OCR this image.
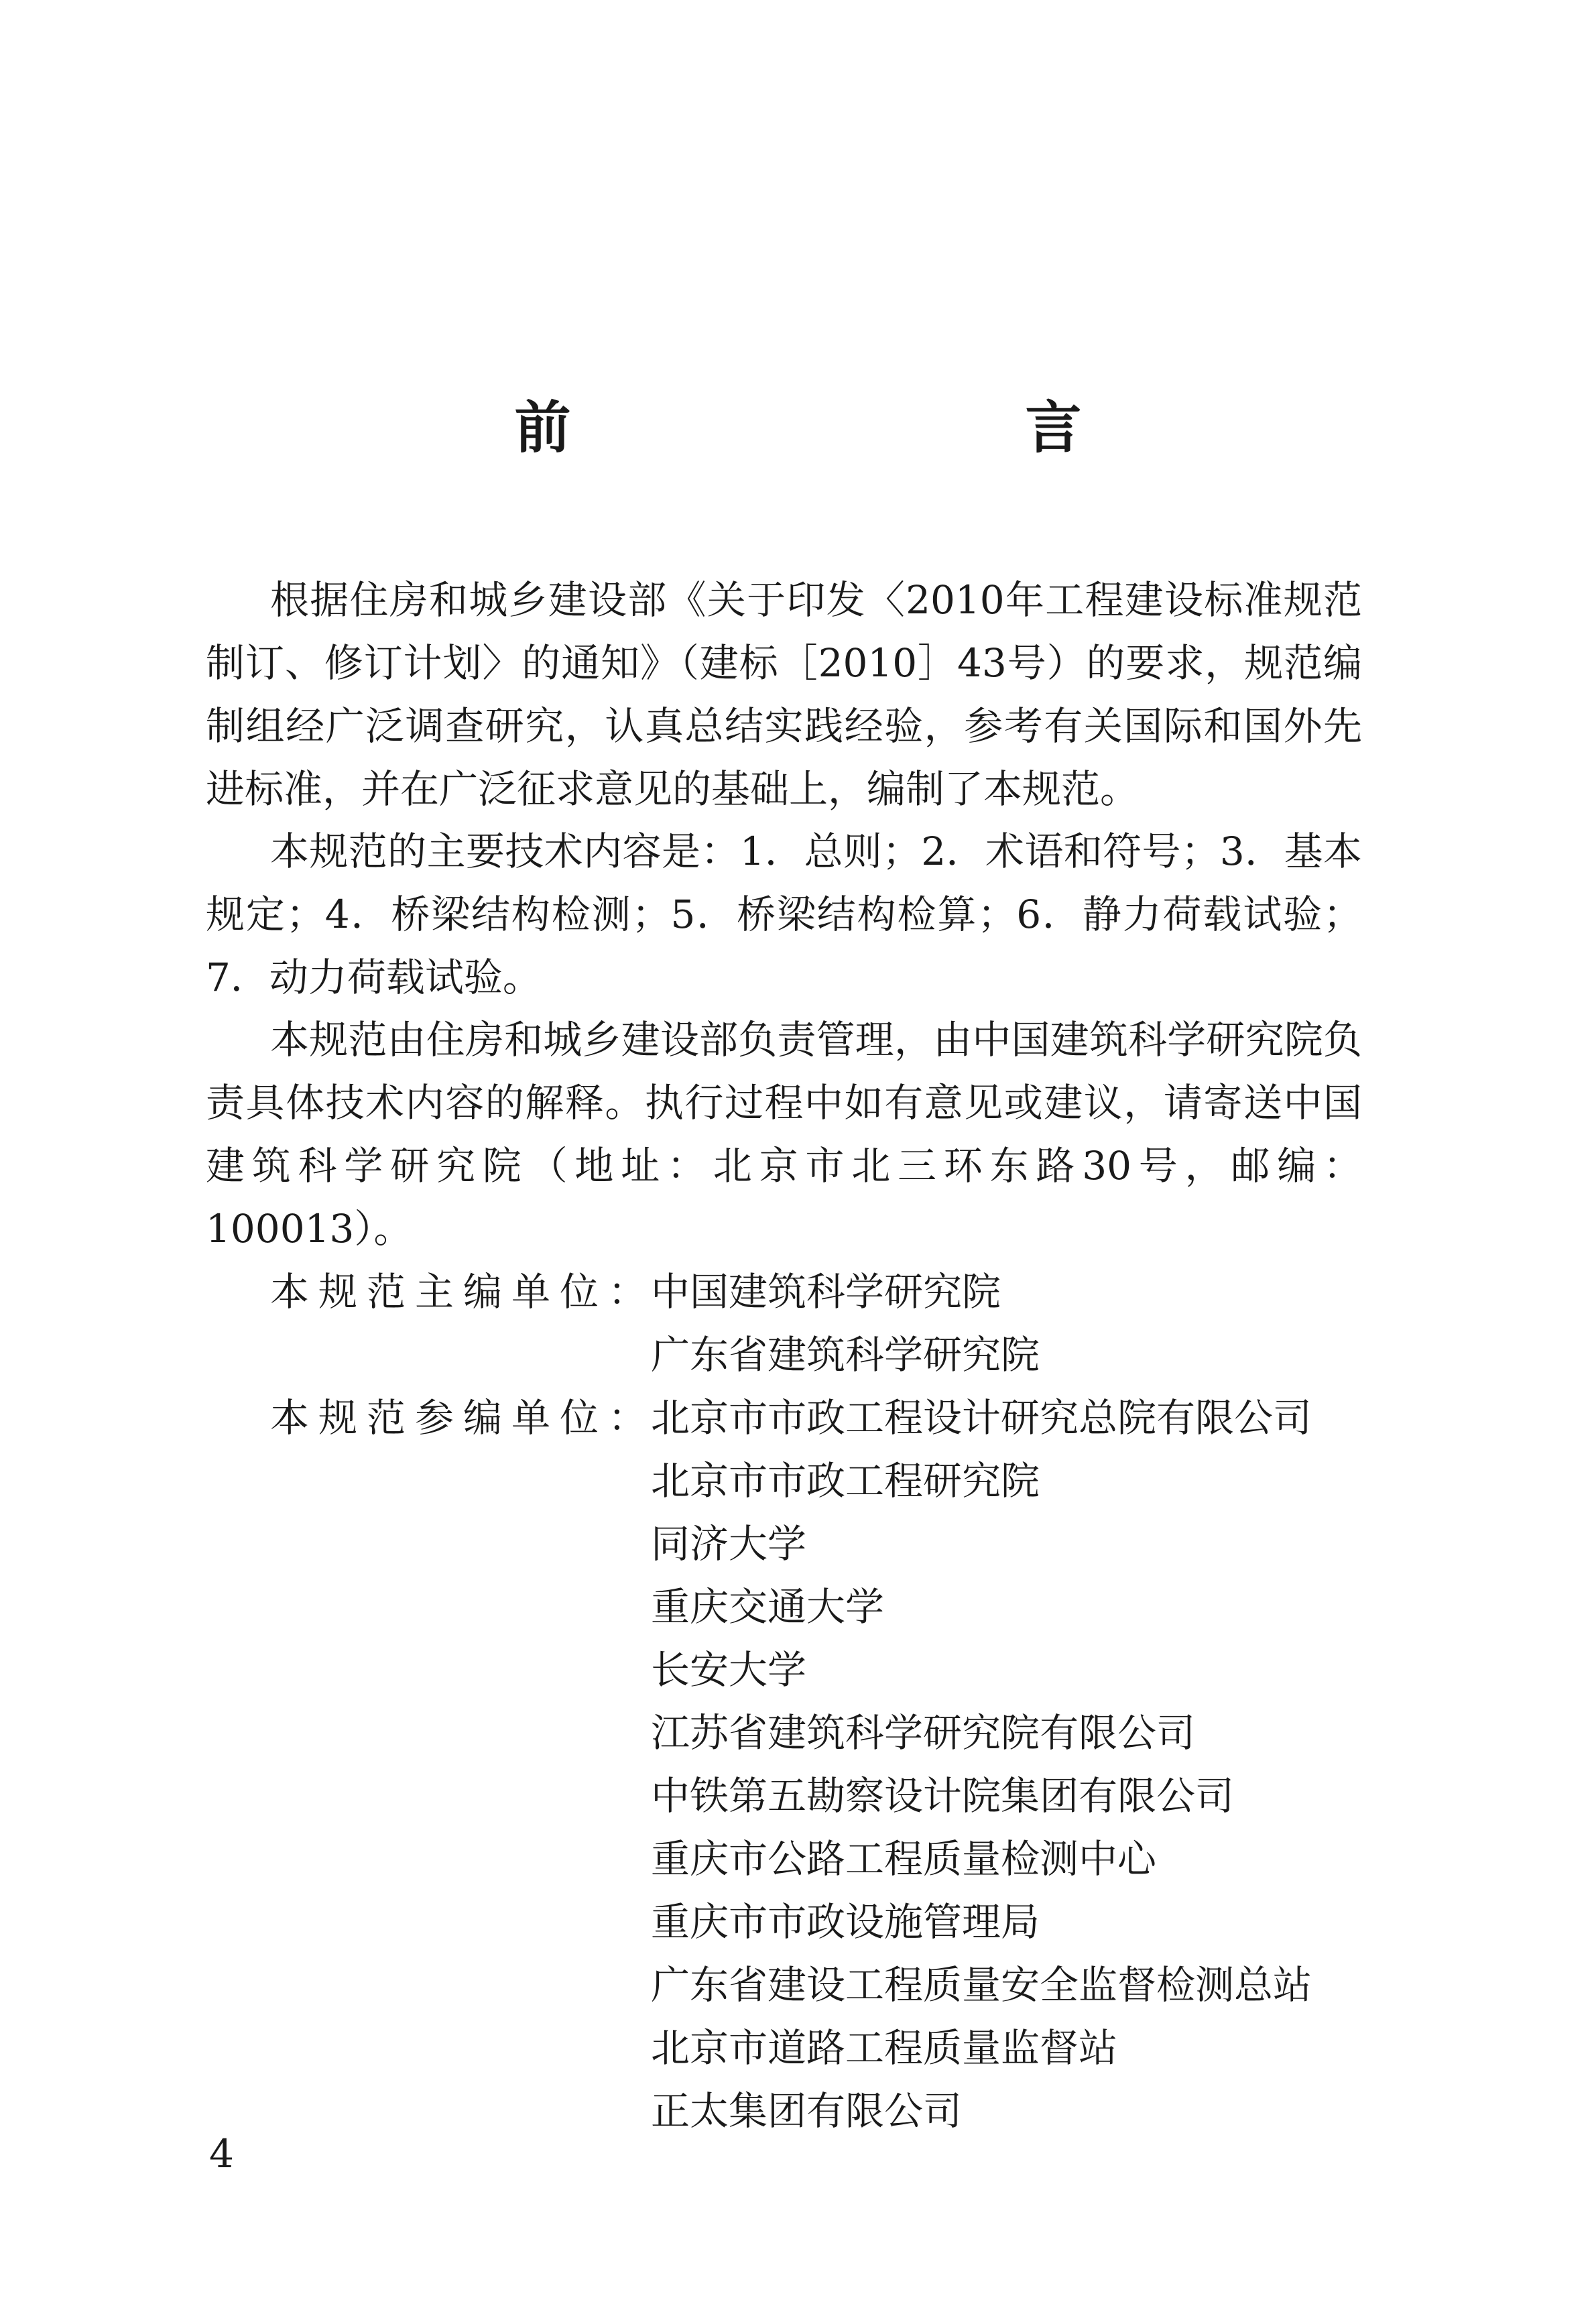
前　　言

根据住房和城乡建设部《关于印发〈2010年工程建设标准规范制订、修订计划〉的通知》（建标［2010］43号）的要求，规范编制组经广泛调查研究，认真总结实践经验，参考有关国际和国外先进标准，并在广泛征求意见的基础上，编制了本规范。

本规范的主要技术内容是：1．总则；2．术语和符号；3．基本规定；4．桥梁结构检测；5．桥梁结构检算；6．静力荷载试验；7．动力荷载试验。

本规范由住房和城乡建设部负责管理，由中国建筑科学研究院负责具体技术内容的解释。执行过程中如有意见或建议，请寄送中国建筑科学研究院（地址：北京市北三环东路30号，邮编：100013）。

本规范主编单位：
中国建筑科学研究院
广东省建筑科学研究院
本规范参编单位：
北京市市政工程设计研究总院有限公司
北京市市政工程研究院
同济大学
重庆交通大学
长安大学
江苏省建筑科学研究院有限公司
中铁第五勘察设计院集团有限公司
重庆市公路工程质量检测中心
重庆市市政设施管理局
广东省建设工程质量安全监督检测总站
北京市道路工程质量监督站
正太集团有限公司
4
